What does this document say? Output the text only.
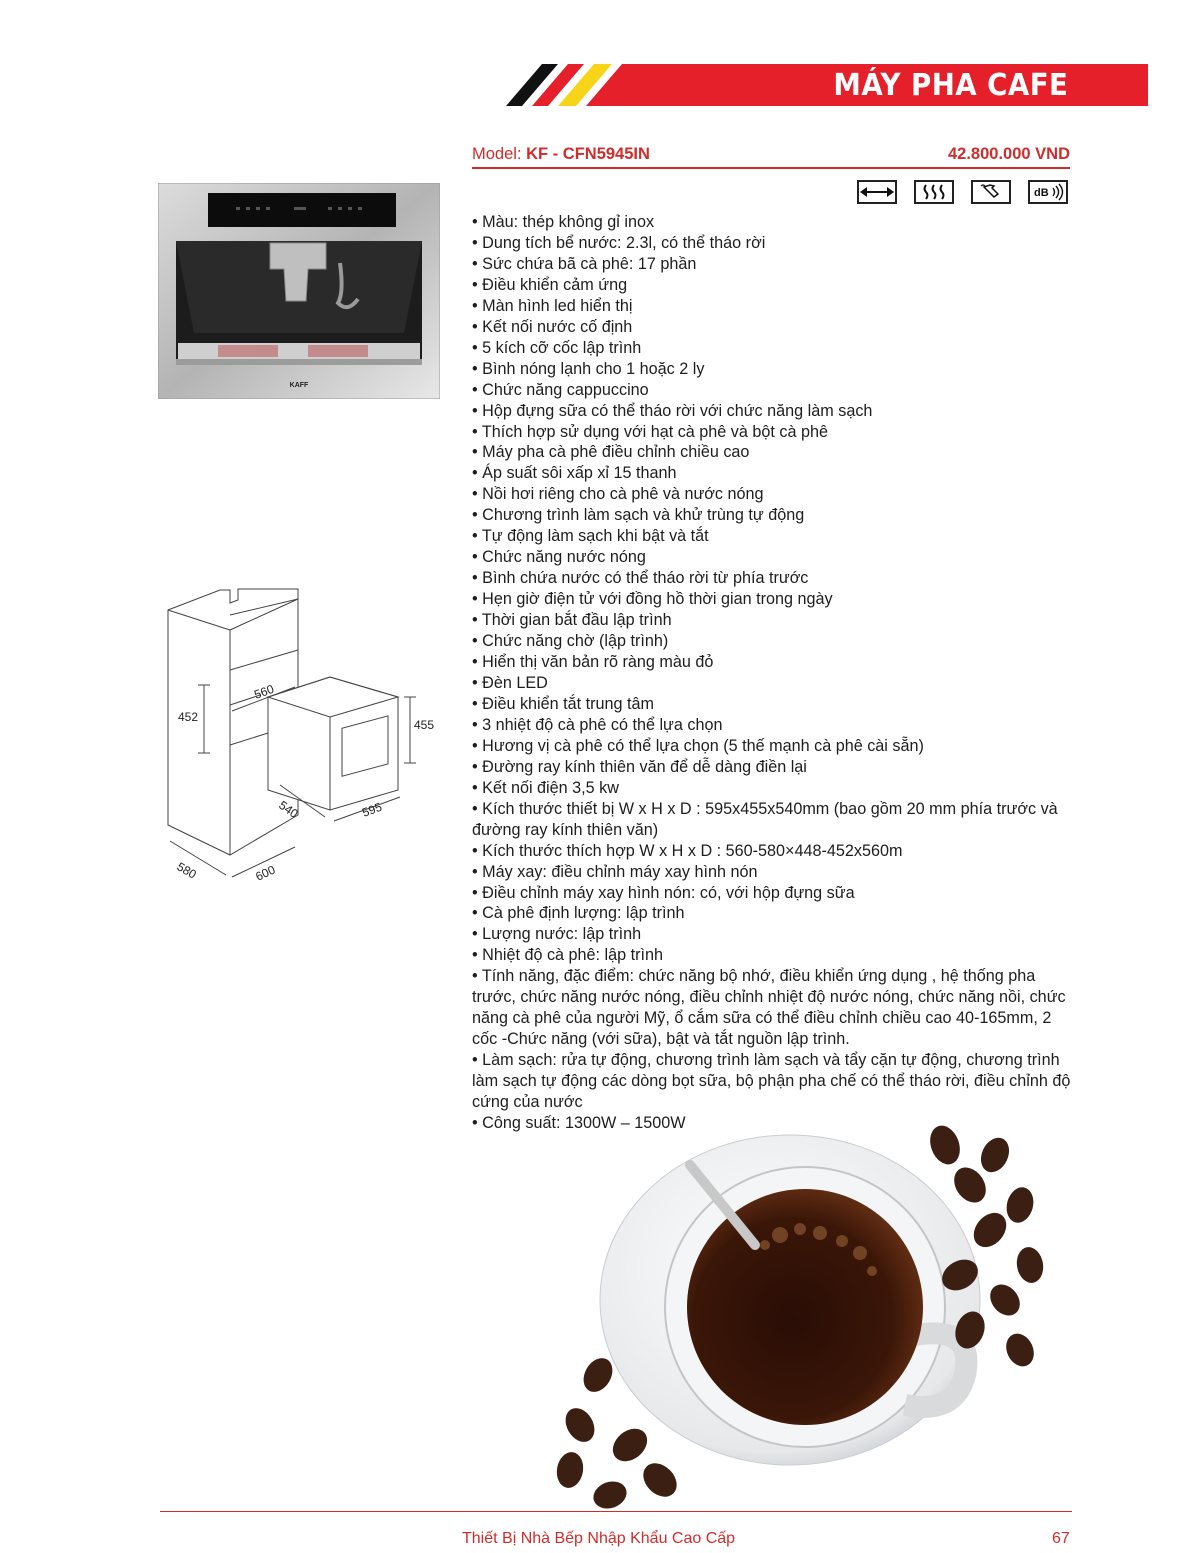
MÁY PHA CAFE
Model: KF - CFN5945IN	42.800.000 VND
dB
KAFF
452
560
455
540	595
580	600
• Màu: thép không gỉ inox
• Dung tích bể nước: 2.3l, có thể tháo rời
• Sức chứa bã cà phê: 17 phần
• Điều khiển cảm ứng
• Màn hình led hiển thị
• Kết nối nước cố định
• 5 kích cỡ cốc lập trình
• Bình nóng lạnh cho 1 hoặc 2 ly
• Chức năng cappuccino
• Hộp đựng sữa có thể tháo rời với chức năng làm sạch
• Thích hợp sử dụng với hạt cà phê và bột cà phê
• Máy pha cà phê điều chỉnh chiều cao
• Áp suất sôi xấp xỉ 15 thanh
• Nồi hơi riêng cho cà phê và nước nóng
• Chương trình làm sạch và khử trùng tự động
• Tự động làm sạch khi bật và tắt
• Chức năng nước nóng
• Bình chứa nước có thể tháo rời từ phía trước
• Hẹn giờ điện tử với đồng hồ thời gian trong ngày
• Thời gian bắt đầu lập trình
• Chức năng chờ (lập trình)
• Hiển thị văn bản rõ ràng màu đỏ
• Đèn LED
• Điều khiển tắt trung tâm
• 3 nhiệt độ cà phê có thể lựa chọn
• Hương vị cà phê có thể lựa chọn (5 thế mạnh cà phê cài sẵn)
• Đường ray kính thiên văn để dễ dàng điền lại
• Kết nối điện 3,5 kw
• Kích thước thiết bị W x H x D : 595x455x540mm (bao gồm 20 mm phía trước và đường ray kính thiên văn)
• Kích thước thích hợp W x H x D : 560-580×448-452x560m
• Máy xay: điều chỉnh máy xay hình nón
• Điều chỉnh máy xay hình nón: có, với hộp đựng sữa
• Cà phê định lượng: lập trình
• Lượng nước: lập trình
• Nhiệt độ cà phê: lập trình
• Tính năng, đặc điểm: chức năng bộ nhớ, điều khiển ứng dụng , hệ thống pha trước, chức năng nước nóng, điều chỉnh nhiệt độ nước nóng, chức năng nồi, chức năng cà phê của người Mỹ, ổ cắm sữa có thể điều chỉnh chiều cao 40-165mm, 2 cốc -Chức năng (với sữa), bật và tắt nguồn lập trình.
• Làm sạch: rửa tự động, chương trình làm sạch và tẩy cặn tự động, chương trình làm sạch tự động các dòng bọt sữa, bộ phận pha chế có thể tháo rời, điều chỉnh độ cứng của nước
• Công suất: 1300W – 1500W
Thiết Bị Nhà Bếp Nhập Khẩu Cao Cấp	67
